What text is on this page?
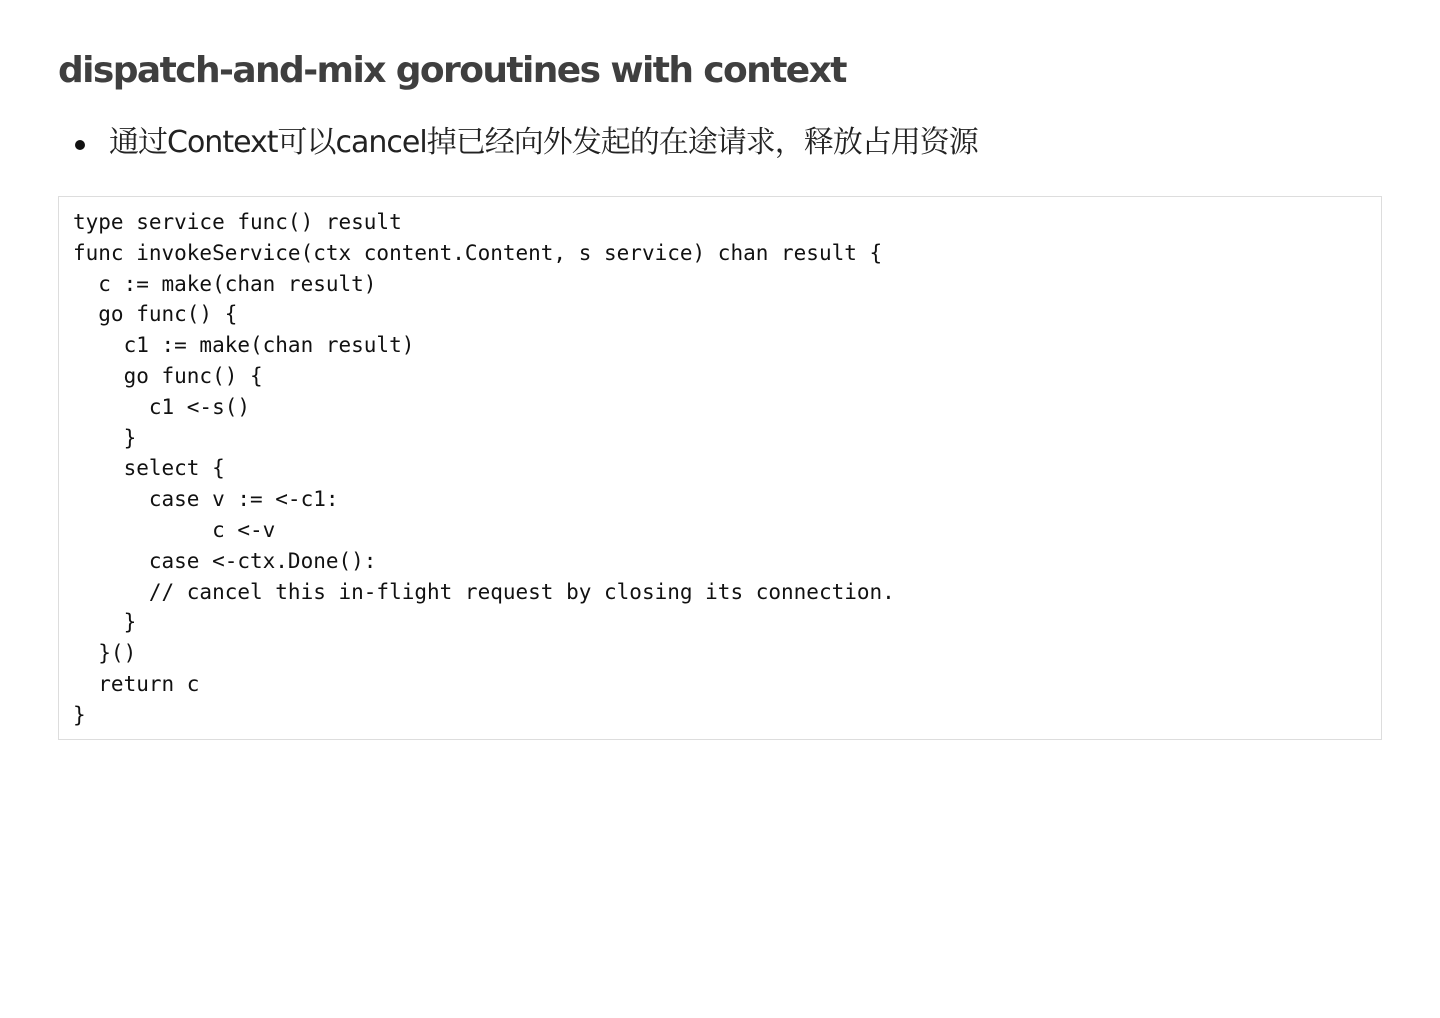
dispatch-and-mix goroutines with context
通过Context可以cancel掉已经向外发起的在途请求，释放占用资源
type service func() result
func invokeService(ctx content.Content, s service) chan result {
c := make(chan result)
go func() {
c1 := make(chan result)
go func() {
c1 <-s()
}
select {
case v := <-c1:
c <-v
case <-ctx.Done():
// cancel this in-flight request by closing its connection.
}
}()
return c
}
